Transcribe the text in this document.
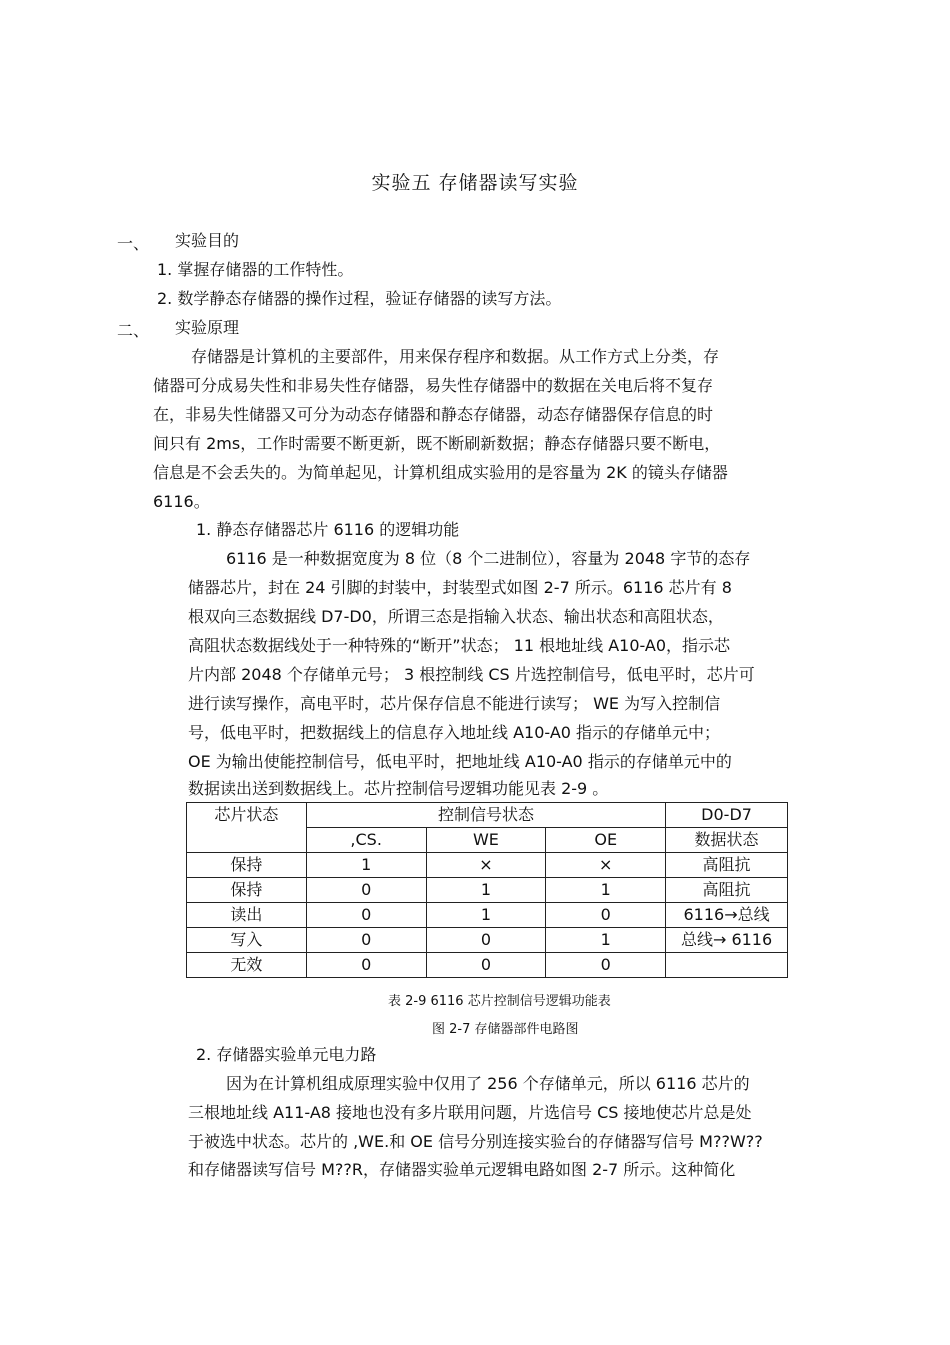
实验五 存储器读写实验
一、 实验目的
1. 掌握存储器的工作特性。
2. 数学静态存储器的操作过程，验证存储器的读写方法。
二、 实验原理
存储器是计算机的主要部件，用来保存程序和数据。从工作方式上分类，存
储器可分成易失性和非易失性存储器，易失性存储器中的数据在关电后将不复存
在，非易失性储器又可分为动态存储器和静态存储器，动态存储器保存信息的时
间只有 2ms，工作时需要不断更新，既不断刷新数据；静态存储器只要不断电，
信息是不会丢失的。为简单起见，计算机组成实验用的是容量为 2K 的镜头存储器
6116。
1. 静态存储器芯片 6116 的逻辑功能
6116 是一种数据宽度为 8 位（8 个二进制位），容量为 2048 字节的态存
储器芯片，封在 24 引脚的封装中，封装型式如图 2-7 所示。6116 芯片有 8
根双向三态数据线 D7-D0，所谓三态是指输入状态、输出状态和高阻状态，
高阻状态数据线处于一种特殊的“断开”状态； 11 根地址线 A10-A0，指示芯
片内部 2048 个存储单元号； 3 根控制线 CS 片选控制信号，低电平时，芯片可
进行读写操作，高电平时，芯片保存信息不能进行读写； WE 为写入控制信
号，低电平时，把数据线上的信息存入地址线 A10-A0 指示的存储单元中；
OE 为输出使能控制信号，低电平时，把地址线 A10-A0 指示的存储单元中的
数据读出送到数据线上。芯片控制信号逻辑功能见表 2-9 。
芯片状态	控制信号状态			D0-D7
	,CS.	WE	OE	数据状态
保持	1	×	×	高阻抗
保持	0	1	1	高阻抗
读出	0	1	0	6116→总线
写入	0	0	1	总线→ 6116
无效	0	0	0	
表 2-9 6116 芯片控制信号逻辑功能表
图 2-7 存储器部件电路图
2. 存储器实验单元电力路
因为在计算机组成原理实验中仅用了 256 个存储单元，所以 6116 芯片的
三根地址线 A11-A8 接地也没有多片联用问题，片选信号 CS 接地使芯片总是处
于被选中状态。芯片的 ,WE.和 OE 信号分别连接实验台的存储器写信号 M??W??
和存储器读写信号 M??R，存储器实验单元逻辑电路如图 2-7 所示。这种简化
